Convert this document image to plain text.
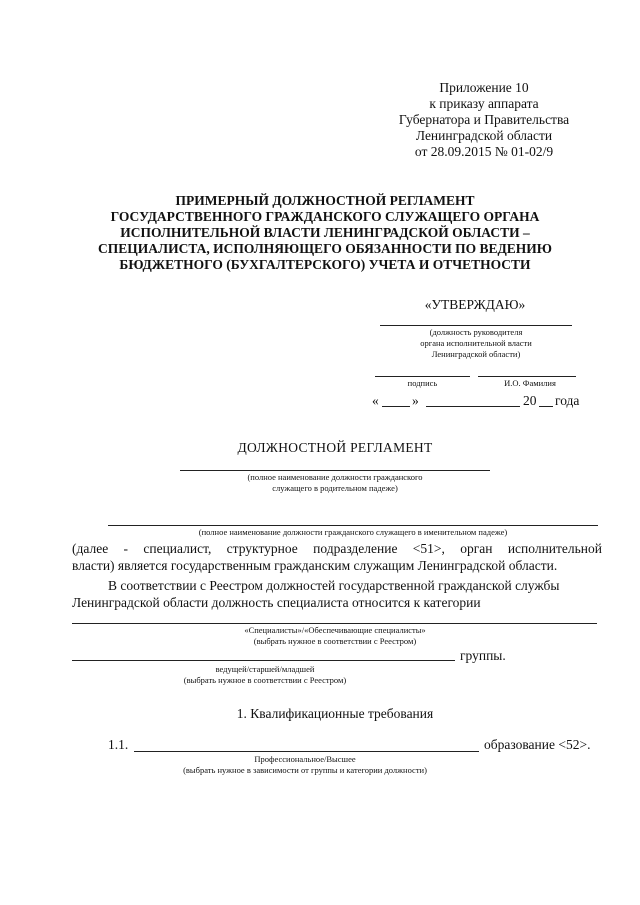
Приложение 10
к приказу аппарата
Губернатора и Правительства
Ленинградской области
от 28.09.2015 № 01-02/9
ПРИМЕРНЫЙ ДОЛЖНОСТНОЙ РЕГЛАМЕНТ
ГОСУДАРСТВЕННОГО ГРАЖДАНСКОГО СЛУЖАЩЕГО ОРГАНА
ИСПОЛНИТЕЛЬНОЙ ВЛАСТИ ЛЕНИНГРАДСКОЙ ОБЛАСТИ –
СПЕЦИАЛИСТА, ИСПОЛНЯЮЩЕГО ОБЯЗАННОСТИ ПО ВЕДЕНИЮ
БЮДЖЕТНОГО (БУХГАЛТЕРСКОГО) УЧЕТА И ОТЧЕТНОСТИ
«УТВЕРЖДАЮ»
(должность руководителя
органа исполнительной власти
Ленинградской области)
подпись	И.О. Фамилия
« »	20 года
ДОЛЖНОСТНОЙ РЕГЛАМЕНТ
(полное наименование должности гражданского
служащего в родительном падеже)
(полное наименование должности гражданского служащего в именительном падеже)
(далее - специалист, структурное подразделение <51>, орган исполнительной
власти) является государственным гражданским служащим Ленинградской области.
В соответствии с Реестром должностей государственной гражданской службы
Ленинградской области должность специалиста относится к категории
«Специалисты»/«Обеспечивающие специалисты»
(выбрать нужное в соответствии с Реестром)
группы.
ведущей/старшей/младшей
(выбрать нужное в соответствии с Реестром)
1. Квалификационные требования
1.1.	образование <52>.
Профессиональное/Высшее
(выбрать нужное в зависимости от группы и категории должности)
